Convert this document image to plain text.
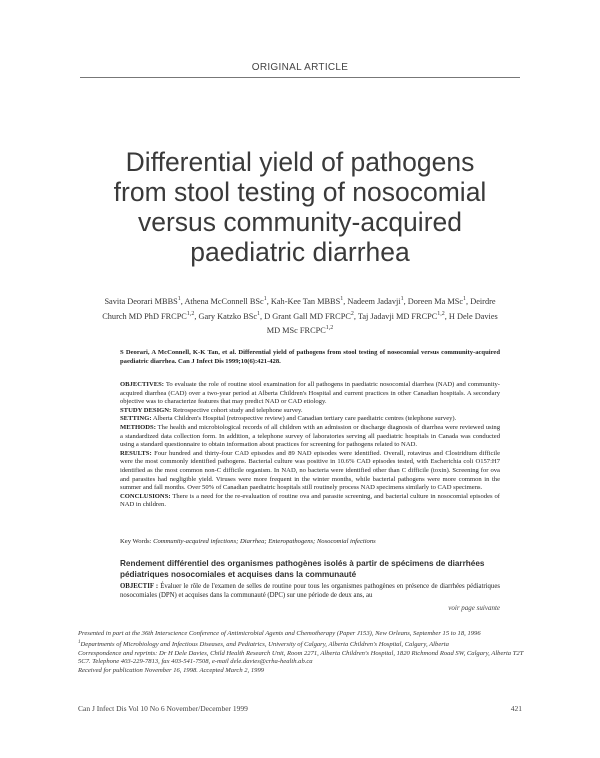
ORIGINAL ARTICLE
Differential yield of pathogens
from stool testing of nosocomial
versus community-acquired
paediatric diarrhea
Savita Deorari MBBS$^1$, Athena McConnell BSc$^1$, Kah-Kee Tan MBBS$^1$, Nadeem Jadavji$^1$, Doreen Ma MSc$^1$, Deirdre Church MD PhD FRCPC$^{1,2}$, Gary Katzko BSc$^1$, D Grant Gall MD FRCPC$^2$, Taj Jadavji MD FRCPC$^{1,2}$, H Dele Davies MD MSc FRCPC$^{1,2}$
S Deorari, A McConnell, K-K Tan, et al. Differential yield of pathogens from stool testing of nosocomial versus community-acquired paediatric diarrhea. Can J Infect Dis 1999;10(6):421-428.

OBJECTIVES: To evaluate the role of routine stool examination for all pathogens in paediatric nosocomial diarrhea (NAD) and community-acquired diarrhea (CAD) over a two-year period at Alberta Children's Hospital and current practices in other Canadian hospitals. A secondary objective was to characterize features that may predict NAD or CAD etiology.

STUDY DESIGN: Retrospective cohort study and telephone survey.

SETTING: Alberta Children's Hospital (retrospective review) and Canadian tertiary care paediatric centres (telephone survey).

METHODS: The health and microbiological records of all children with an admission or discharge diagnosis of diarrhea were reviewed using a standardized data collection form. In addition, a telephone survey of laboratories serving all paediatric hospitals in Canada was conducted using a standard questionnaire to obtain information about practices for screening for pathogens related to NAD.

RESULTS: Four hundred and thirty-four CAD episodes and 89 NAD episodes were identified. Overall, rotavirus and Clostridium difficile were the most commonly identified pathogens. Bacterial culture was positive in 10.6% CAD episodes tested, with Escherichia coli O157:H7 identified as the most common non-C difficile organism. In NAD, no bacteria were identified other than C difficile (toxin). Screening for ova and parasites had negligible yield. Viruses were more frequent in the winter months, while bacterial pathogens were more common in the summer and fall months. Over 50% of Canadian paediatric hospitals still routinely process NAD specimens similarly to CAD specimens.

CONCLUSIONS: There is a need for the re-evaluation of routine ova and parasite screening, and bacterial culture in nosocomial episodes of NAD in children.

Key Words: Community-acquired infections; Diarrhea; Enteropathogens; Nosocomial infections
Rendement différentiel des organismes pathogènes isolés à partir de spécimens de diarrhées pédiatriques nosocomiales et acquises dans la communauté
OBJECTIF : Évaluer le rôle de l'examen de selles de routine pour tous les organismes pathogènes en présence de diarrhées pédiatriques nosocomiales (DPN) et acquises dans la communauté (DPC) sur une période de deux ans, au
voir page suivante

Presented in part at the 36th Interscience Conference of Antimicrobial Agents and Chemotherapy (Paper J153), New Orleans, September 15 to 18, 1996

$^1$Departments of Microbiology and Infectious Diseases, and Pediatrics, University of Calgary, Alberta Children's Hospital, Calgary, Alberta

Correspondence and reprints: Dr H Dele Davies, Child Health Research Unit, Room 2271, Alberta Children's Hospital, 1820 Richmond Road SW, Calgary, Alberta T2T 5C7. Telephone 403-229-7813, fax 403-541-7508, e-mail dele.davies@crha-health.ab.ca

Received for publication November 16, 1998. Accepted March 2, 1999

Can J Infect Dis Vol 10 No 6 November/December 1999	421
